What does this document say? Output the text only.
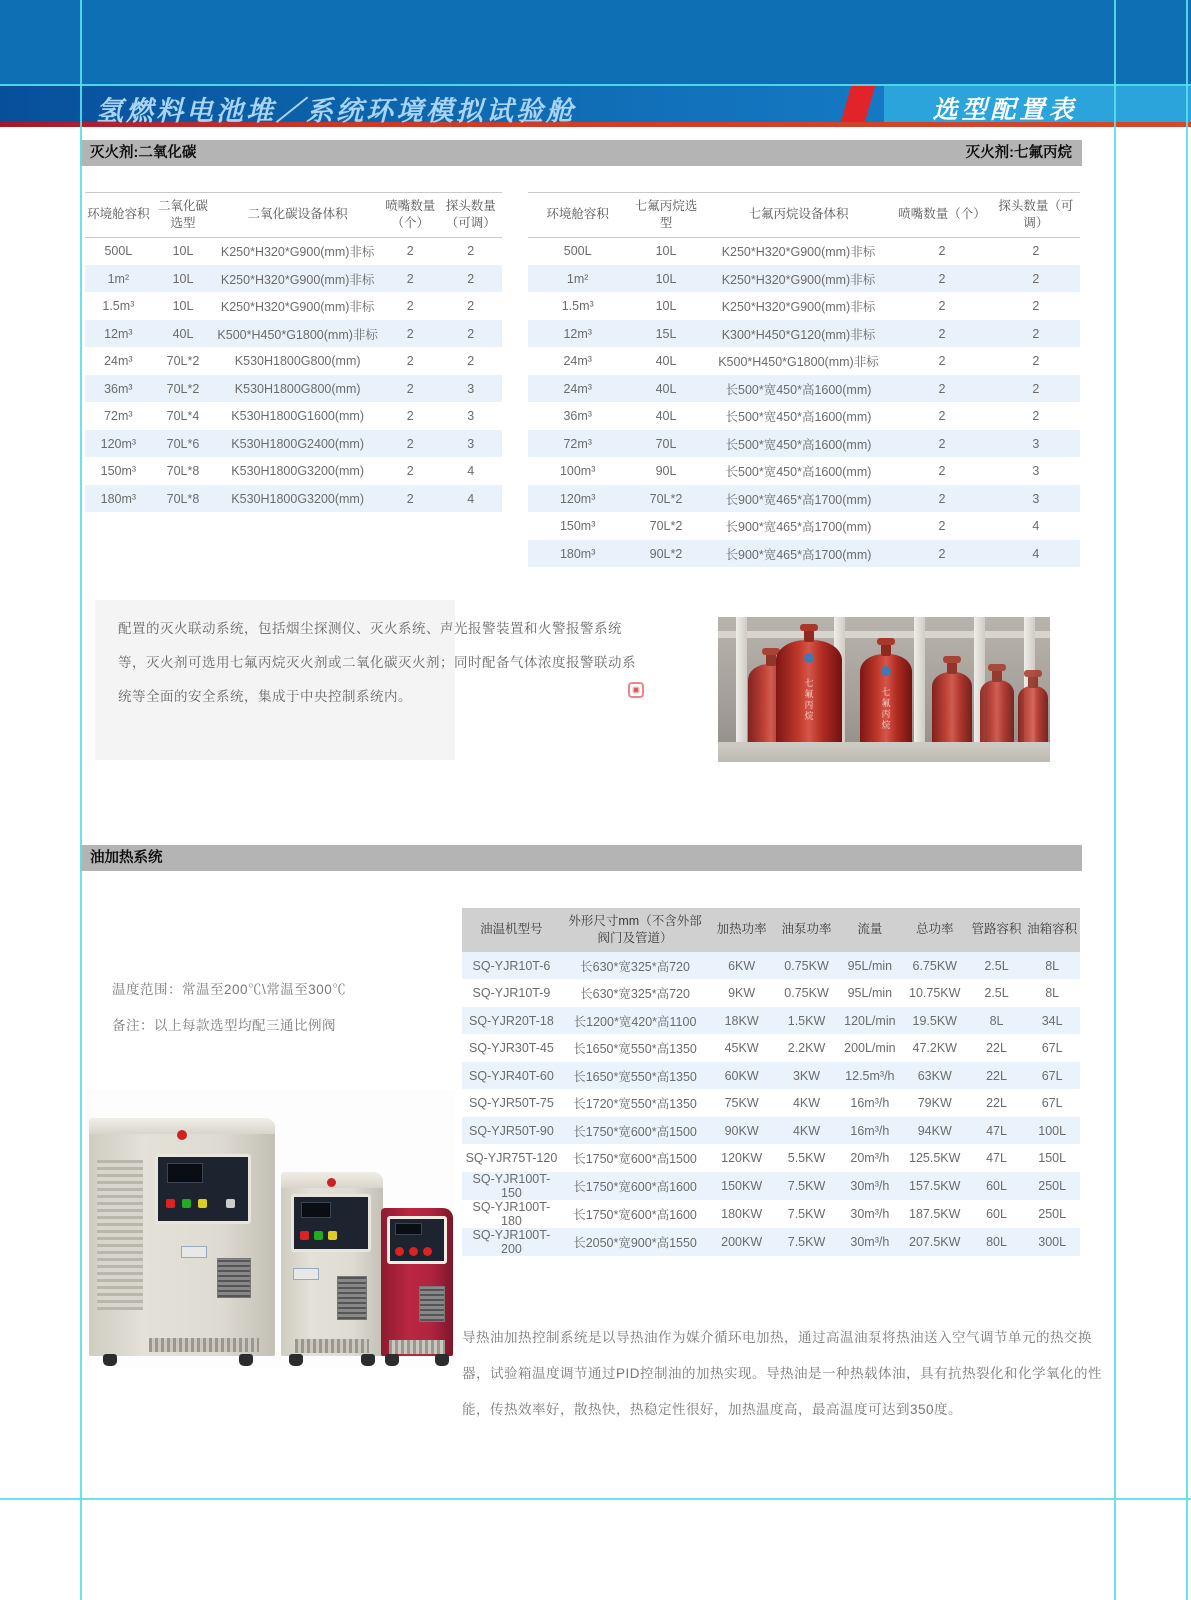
氢燃料电池堆／系统环境模拟试验舱	选型配置表
灭火剂:二氧化碳	灭火剂:七氟丙烷
环境舱容积	二氧化碳选型	二氧化碳设备体积	喷嘴数量（个）	探头数量（可调）
500L	10L	K250*H320*G900(mm)非标	2	2
1m²	10L	K250*H320*G900(mm)非标	2	2
1.5m³	10L	K250*H320*G900(mm)非标	2	2
12m³	40L	K500*H450*G1800(mm)非标	2	2
24m³	70L*2	K530H1800G800(mm)	2	2
36m³	70L*2	K530H1800G800(mm)	2	3
72m³	70L*4	K530H1800G1600(mm)	2	3
120m³	70L*6	K530H1800G2400(mm)	2	3
150m³	70L*8	K530H1800G3200(mm)	2	4
180m³	70L*8	K530H1800G3200(mm)	2	4
环境舱容积	七氟丙烷选型	七氟丙烷设备体积	喷嘴数量（个）	探头数量（可调）
500L	10L	K250*H320*G900(mm)非标	2	2
1m²	10L	K250*H320*G900(mm)非标	2	2
1.5m³	10L	K250*H320*G900(mm)非标	2	2
12m³	15L	K300*H450*G120(mm)非标	2	2
24m³	40L	K500*H450*G1800(mm)非标	2	2
24m³	40L	长500*宽450*高1600(mm)	2	2
36m³	40L	长500*宽450*高1600(mm)	2	2
72m³	70L	长500*宽450*高1600(mm)	2	3
100m³	90L	长500*宽450*高1600(mm)	2	3
120m³	70L*2	长900*宽465*高1700(mm)	2	3
150m³	70L*2	长900*宽465*高1700(mm)	2	4
180m³	90L*2	长900*宽465*高1700(mm)	2	4
配置的灭火联动系统，包括烟尘探测仪、灭火系统、声光报警装置和火警报警系统等，灭火剂可选用七氟丙烷灭火剂或二氧化碳灭火剂；同时配备气体浓度报警联动系统等全面的安全系统，集成于中央控制系统内。	七氟丙烷	七氟丙烷
油加热系统
温度范围：常温至200℃\常温至300℃
备注：以上每款选型均配三通比例阀
油温机型号	外形尺寸mm（不含外部阀门及管道）	加热功率	油泵功率	流量	总功率	管路容积	油箱容积
SQ-YJR10T-6	长630*宽325*高720	6KW	0.75KW	95L/min	6.75KW	2.5L	8L
SQ-YJR10T-9	长630*宽325*高720	9KW	0.75KW	95L/min	10.75KW	2.5L	8L
SQ-YJR20T-18	长1200*宽420*高1100	18KW	1.5KW	120L/min	19.5KW	8L	34L
SQ-YJR30T-45	长1650*宽550*高1350	45KW	2.2KW	200L/min	47.2KW	22L	67L
SQ-YJR40T-60	长1650*宽550*高1350	60KW	3KW	12.5m³/h	63KW	22L	67L
SQ-YJR50T-75	长1720*宽550*高1350	75KW	4KW	16m³/h	79KW	22L	67L
SQ-YJR50T-90	长1750*宽600*高1500	90KW	4KW	16m³/h	94KW	47L	100L
SQ-YJR75T-120	长1750*宽600*高1500	120KW	5.5KW	20m³/h	125.5KW	47L	150L
SQ-YJR100T-150	长1750*宽600*高1600	150KW	7.5KW	30m³/h	157.5KW	60L	250L
SQ-YJR100T-180	长1750*宽600*高1600	180KW	7.5KW	30m³/h	187.5KW	60L	250L
SQ-YJR100T-200	长2050*宽900*高1550	200KW	7.5KW	30m³/h	207.5KW	80L	300L
导热油加热控制系统是以导热油作为媒介循环电加热，通过高温油泵将热油送入空气调节单元的热交换器，试验箱温度调节通过PID控制油的加热实现。导热油是一种热载体油，具有抗热裂化和化学氧化的性能，传热效率好，散热快，热稳定性很好，加热温度高，最高温度可达到350度。
